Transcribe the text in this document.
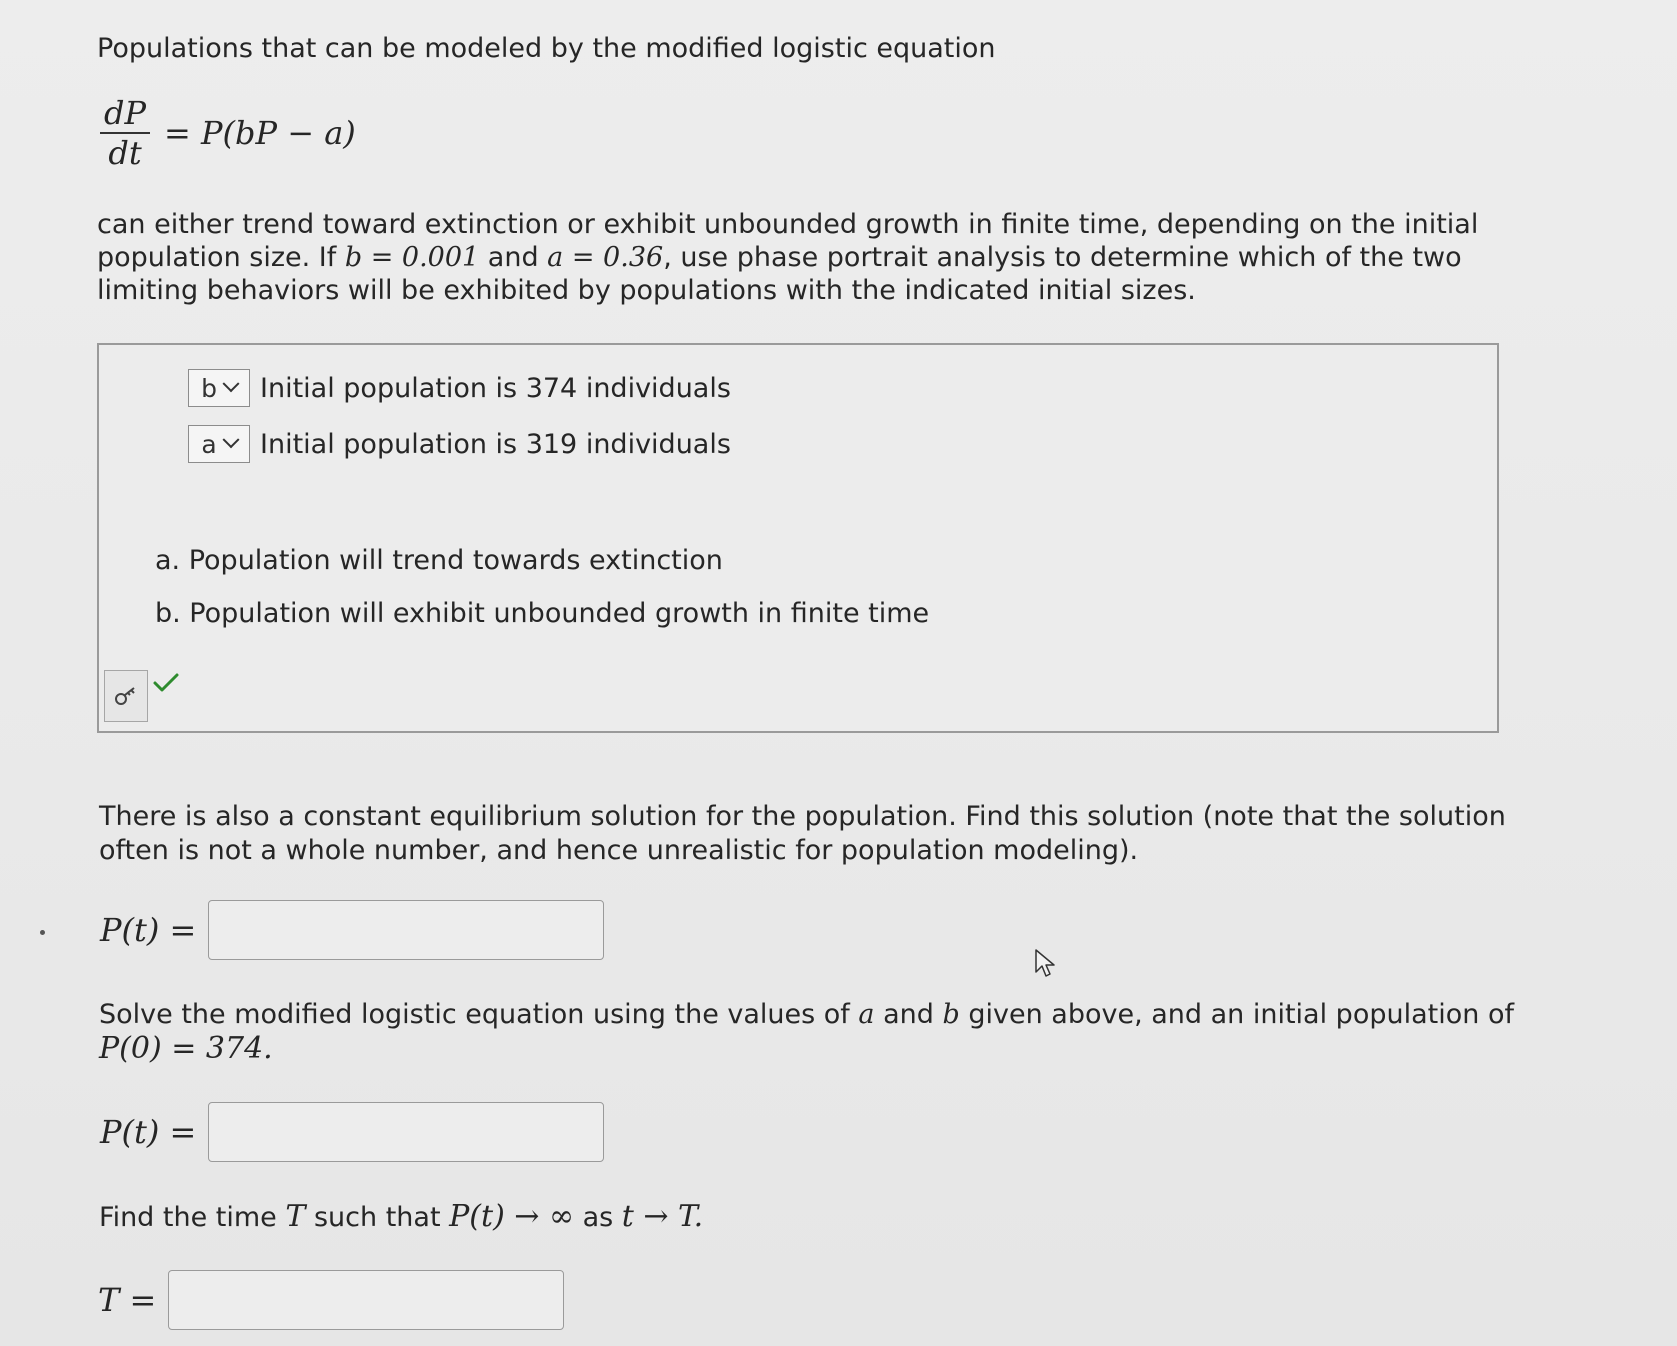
Populations that can be modeled by the modified logistic equation
$\frac{dP}{dt} = P(bP - a)$
can either trend toward extinction or exhibit unbounded growth in finite time, depending on the initial
population size. If b = 0.001 and a = 0.36, use phase portrait analysis to determine which of the two
limiting behaviors will be exhibited by populations with the indicated initial sizes.
b Initial population is 374 individuals
a Initial population is 319 individuals
a. Population will trend towards extinction
b. Population will exhibit unbounded growth in finite time
There is also a constant equilibrium solution for the population. Find this solution (note that the solution
often is not a whole number, and hence unrealistic for population modeling).
P(t) =
Solve the modified logistic equation using the values of a and b given above, and an initial population of
P(0) = 374.
P(t) =
Find the time T such that P(t) → ∞ as t → T.
T =
